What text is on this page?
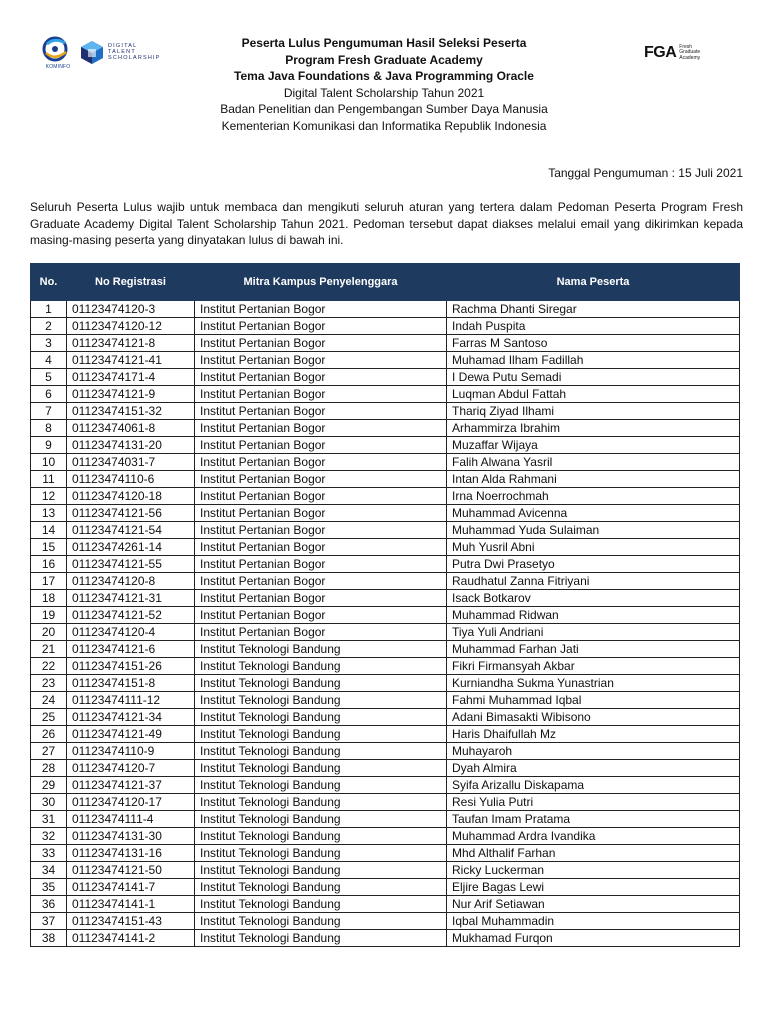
KOMINFO
DIGITAL
TALENT
SCHOLARSHIP	FGA Fresh
Graduate
Academy
Peserta Lulus Pengumuman Hasil Seleksi Peserta
Program Fresh Graduate Academy
Tema Java Foundations & Java Programming Oracle
Digital Talent Scholarship Tahun 2021
Badan Penelitian dan Pengembangan Sumber Daya Manusia
Kementerian Komunikasi dan Informatika Republik Indonesia
Tanggal Pengumuman : 15 Juli 2021

Seluruh Peserta Lulus wajib untuk membaca dan mengikuti seluruh aturan yang tertera dalam Pedoman Peserta Program Fresh Graduate Academy Digital Talent Scholarship Tahun 2021. Pedoman tersebut dapat diakses melalui email yang dikirimkan kepada masing-masing peserta yang dinyatakan lulus di bawah ini.

No.	No Registrasi	Mitra Kampus Penyelenggara	Nama Peserta
1	01123474120-3	Institut Pertanian Bogor	Rachma Dhanti Siregar
2	01123474120-12	Institut Pertanian Bogor	Indah Puspita
3	01123474121-8	Institut Pertanian Bogor	Farras M Santoso
4	01123474121-41	Institut Pertanian Bogor	Muhamad Ilham Fadillah
5	01123474171-4	Institut Pertanian Bogor	I Dewa Putu Semadi
6	01123474121-9	Institut Pertanian Bogor	Luqman Abdul Fattah
7	01123474151-32	Institut Pertanian Bogor	Thariq Ziyad Ilhami
8	01123474061-8	Institut Pertanian Bogor	Arhammirza Ibrahim
9	01123474131-20	Institut Pertanian Bogor	Muzaffar Wijaya
10	01123474031-7	Institut Pertanian Bogor	Falih Alwana Yasril
11	01123474110-6	Institut Pertanian Bogor	Intan Alda Rahmani
12	01123474120-18	Institut Pertanian Bogor	Irna Noerrochmah
13	01123474121-56	Institut Pertanian Bogor	Muhammad Avicenna
14	01123474121-54	Institut Pertanian Bogor	Muhammad Yuda Sulaiman
15	01123474261-14	Institut Pertanian Bogor	Muh Yusril Abni
16	01123474121-55	Institut Pertanian Bogor	Putra Dwi Prasetyo
17	01123474120-8	Institut Pertanian Bogor	Raudhatul Zanna Fitriyani
18	01123474121-31	Institut Pertanian Bogor	Isack Botkarov
19	01123474121-52	Institut Pertanian Bogor	Muhammad Ridwan
20	01123474120-4	Institut Pertanian Bogor	Tiya Yuli Andriani
21	01123474121-6	Institut Teknologi Bandung	Muhammad Farhan Jati
22	01123474151-26	Institut Teknologi Bandung	Fikri Firmansyah Akbar
23	01123474151-8	Institut Teknologi Bandung	Kurniandha Sukma Yunastrian
24	01123474111-12	Institut Teknologi Bandung	Fahmi Muhammad Iqbal
25	01123474121-34	Institut Teknologi Bandung	Adani Bimasakti Wibisono
26	01123474121-49	Institut Teknologi Bandung	Haris Dhaifullah Mz
27	01123474110-9	Institut Teknologi Bandung	Muhayaroh
28	01123474120-7	Institut Teknologi Bandung	Dyah Almira
29	01123474121-37	Institut Teknologi Bandung	Syifa Arizallu Diskapama
30	01123474120-17	Institut Teknologi Bandung	Resi Yulia Putri
31	01123474111-4	Institut Teknologi Bandung	Taufan Imam Pratama
32	01123474131-30	Institut Teknologi Bandung	Muhammad Ardra Ivandika
33	01123474131-16	Institut Teknologi Bandung	Mhd Althalif Farhan
34	01123474121-50	Institut Teknologi Bandung	Ricky Luckerman
35	01123474141-7	Institut Teknologi Bandung	Eljire Bagas Lewi
36	01123474141-1	Institut Teknologi Bandung	Nur Arif Setiawan
37	01123474151-43	Institut Teknologi Bandung	Iqbal Muhammadin
38	01123474141-2	Institut Teknologi Bandung	Mukhamad Furqon
